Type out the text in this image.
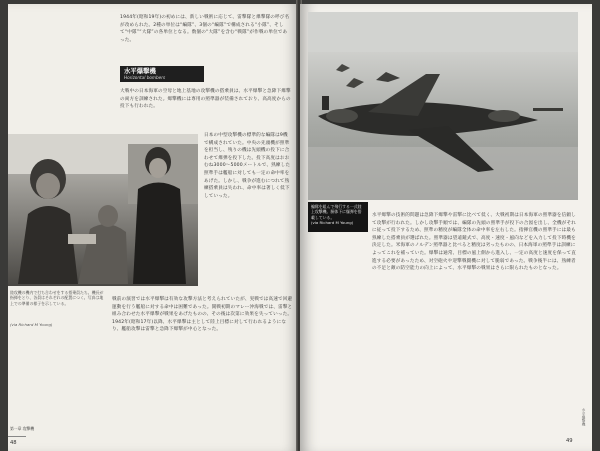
1944年(昭和19年)の初めには、新しい戦術に応じて、雷撃隊と爆撃隊の呼び名が改められた。2種の単位は“編隊”、3個の“編隊”で構成される“小隊”、そして“中隊”“大隊”の各単位となる。数個の“大隊”を含む“戦隊”が作戦の単位であった。
水平爆撃機
Horizontal bombers
大戦中の日本海軍の空母と地上基地の攻撃機の搭乗員は、水平爆撃と急降下爆撃の両方を訓練された。爆撃機には専用の照準器が装備されており、高高度からの投下も行われた。
日本の中型攻撃機の標準的な編隊は9機で構成されていた。中央の先頭機が照準を担当し、残りの機は先頭機の投下に合わせて爆弾を投下した。投下高度はおおむね3000～5000メートルで、熟練した照準手は艦船に対しても一定の命中率をあげた。しかし、戦争が進むにつれて熟練搭乗員は失われ、命中率は著しく低下していった。
陸攻機の機内で打ち合わせをする搭乗員たち。機長が指揮をとり、各員はそれぞれの配置につく。写真は地上での準備の様子を示している。
(via Richard M Young)
戦前の演習では水平爆撃は有効な攻撃方法と考えられていたが、実戦では高速で回避運動を行う艦船に対する命中は困難であった。開戦初期のマレー沖海戦では、雷撃と組み合わせた水平爆撃が戦果をあげたものの、その後は次第に効果を失っていった。1942年(昭和17年)以降、水平爆撃は主として陸上目標に対して行われるようになり、艦船攻撃は雷撃と急降下爆撃が中心となった。
第一章 攻撃機
48
編隊を組んで飛行する一式陸上攻撃機。胴体下に爆弾を搭載している。
(via Richard M Young)
水平爆撃の技術的問題は急降下爆撃や雷撃に比べて低く、大戦初期は日本海軍の照準器を信頼して攻撃が行われた。しかし攻撃手順では、編隊の先頭の照準手が投下の合図を出し、全機がそれに従って投下するため、照準の精度が編隊全体の命中率を左右した。指揮官機の照準手には最も熟練した搭乗員が選ばれた。照準器は望遠鏡式で、高度・速度・風向などを入力して投下時機を決定した。米海軍のノルデン照準器と比べると精度は劣ったものの、日本海軍の照準手は訓練によってこれを補っていた。爆撃は通常、目標の風上側から進入し、一定の高度と速度を保って直進する必要があったため、対空砲火や迎撃戦闘機に対して脆弱であった。戦争後半には、熟練者の不足と敵の防空能力の向上によって、水平爆撃の戦果はさらに限られたものとなった。
49
水平爆撃機
